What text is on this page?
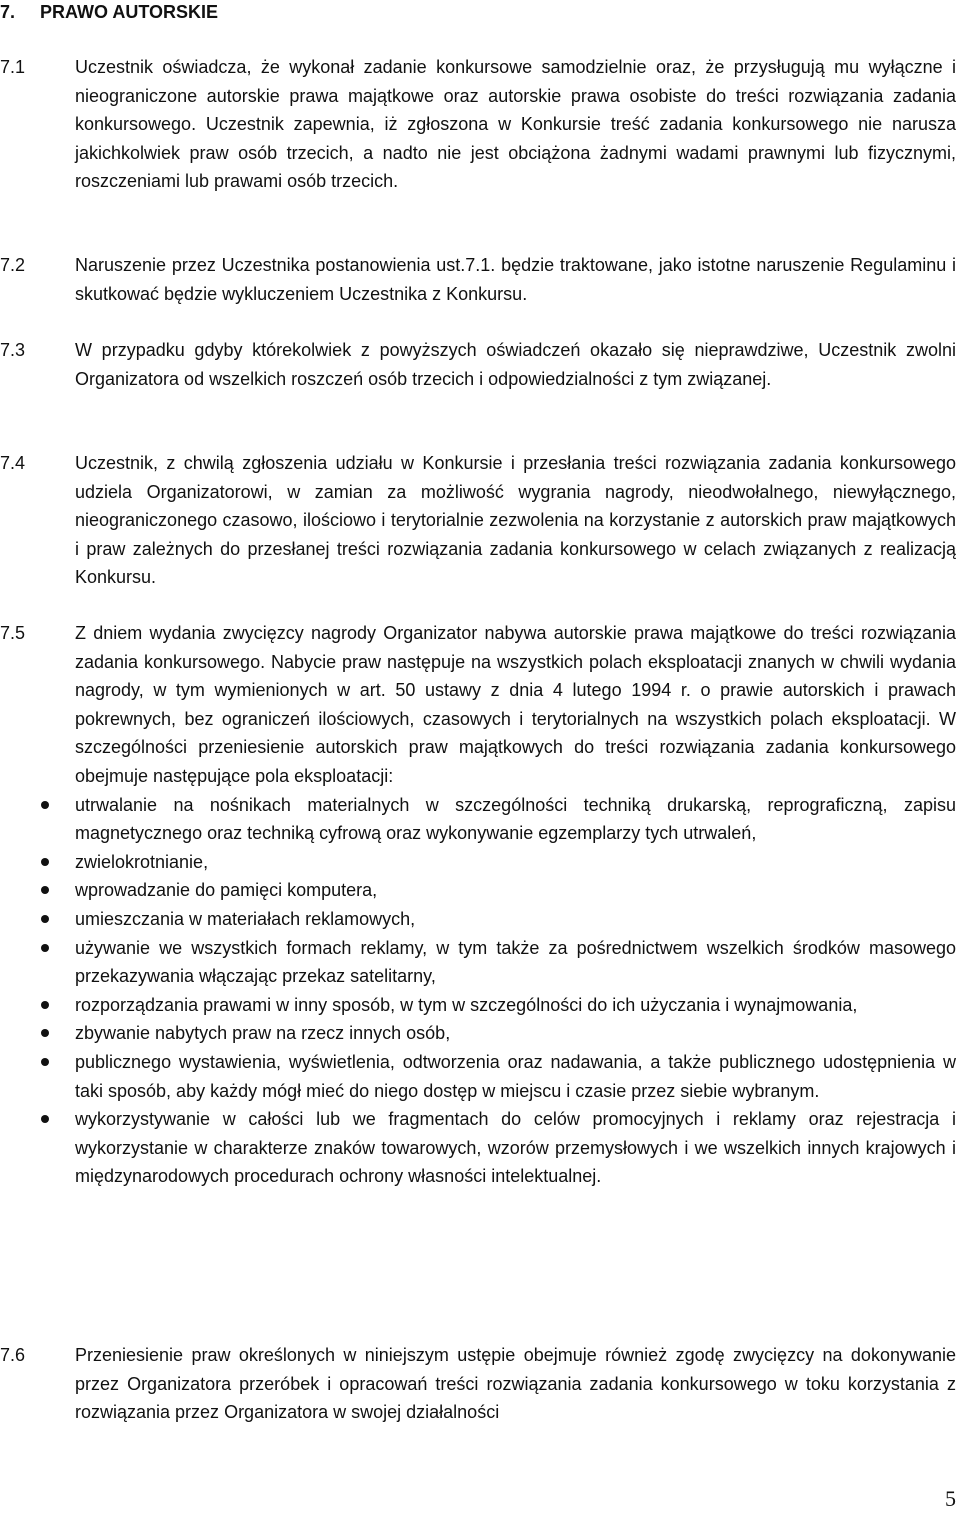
7. PRAWO AUTORSKIE
7.1	Uczestnik oświadcza, że wykonał zadanie konkursowe samodzielnie oraz, że przysługują mu wyłączne i nieograniczone autorskie prawa majątkowe oraz autorskie prawa osobiste do treści rozwiązania zadania konkursowego. Uczestnik zapewnia, iż zgłoszona w Konkursie treść zadania konkursowego nie narusza jakichkolwiek praw osób trzecich, a nadto nie jest obciążona żadnymi wadami prawnymi lub fizycznymi, roszczeniami lub prawami osób trzecich.

7.2	Naruszenie przez Uczestnika postanowienia ust.7.1. będzie traktowane, jako istotne naruszenie Regulaminu i skutkować będzie wykluczeniem Uczestnika z Konkursu.

7.3	W przypadku gdyby którekolwiek z powyższych oświadczeń okazało się nieprawdziwe, Uczestnik zwolni Organizatora od wszelkich roszczeń osób trzecich i odpowiedzialności z tym związanej.

7.4	Uczestnik, z chwilą zgłoszenia udziału w Konkursie i przesłania treści rozwiązania zadania konkursowego udziela Organizatorowi, w zamian za możliwość wygrania nagrody, nieodwołalnego, niewyłącznego, nieograniczonego czasowo, ilościowo i terytorialnie zezwolenia na korzystanie z autorskich praw majątkowych i praw zależnych do przesłanej treści rozwiązania zadania konkursowego w celach związanych z realizacją Konkursu.

7.5	Z dniem wydania zwycięzcy nagrody Organizator nabywa autorskie prawa majątkowe do treści rozwiązania zadania konkursowego. Nabycie praw następuje na wszystkich polach eksploatacji znanych w chwili wydania nagrody, w tym wymienionych w art. 50 ustawy z dnia 4 lutego 1994 r. o prawie autorskich i prawach pokrewnych, bez ograniczeń ilościowych, czasowych i terytorialnych na wszystkich polach eksploatacji. W szczególności przeniesienie autorskich praw majątkowych do treści rozwiązania zadania konkursowego obejmuje następujące pola eksploatacji:

utrwalanie na nośnikach materialnych w szczególności techniką drukarską, reprograficzną, zapisu magnetycznego oraz techniką cyfrową oraz wykonywanie egzemplarzy tych utrwaleń,
zwielokrotnianie,
wprowadzanie do pamięci komputera,
umieszczania w materiałach reklamowych,
używanie we wszystkich formach reklamy, w tym także za pośrednictwem wszelkich środków masowego przekazywania włączając przekaz satelitarny,
rozporządzania prawami w inny sposób, w tym w szczególności do ich użyczania i wynajmowania,
zbywanie nabytych praw na rzecz innych osób,
publicznego wystawienia, wyświetlenia, odtworzenia oraz nadawania, a także publicznego udostępnienia w taki sposób, aby każdy mógł mieć do niego dostęp w miejscu i czasie przez siebie wybranym.
wykorzystywanie w całości lub we fragmentach do celów promocyjnych i reklamy oraz rejestracja i wykorzystanie w charakterze znaków towarowych, wzorów przemysłowych i we wszelkich innych krajowych i międzynarodowych procedurach ochrony własności intelektualnej.
7.6	Przeniesienie praw określonych w niniejszym ustępie obejmuje również zgodę zwycięzcy na dokonywanie przez Organizatora przeróbek i opracowań treści rozwiązania zadania konkursowego w toku korzystania z rozwiązania przez Organizatora w swojej działalności

5
